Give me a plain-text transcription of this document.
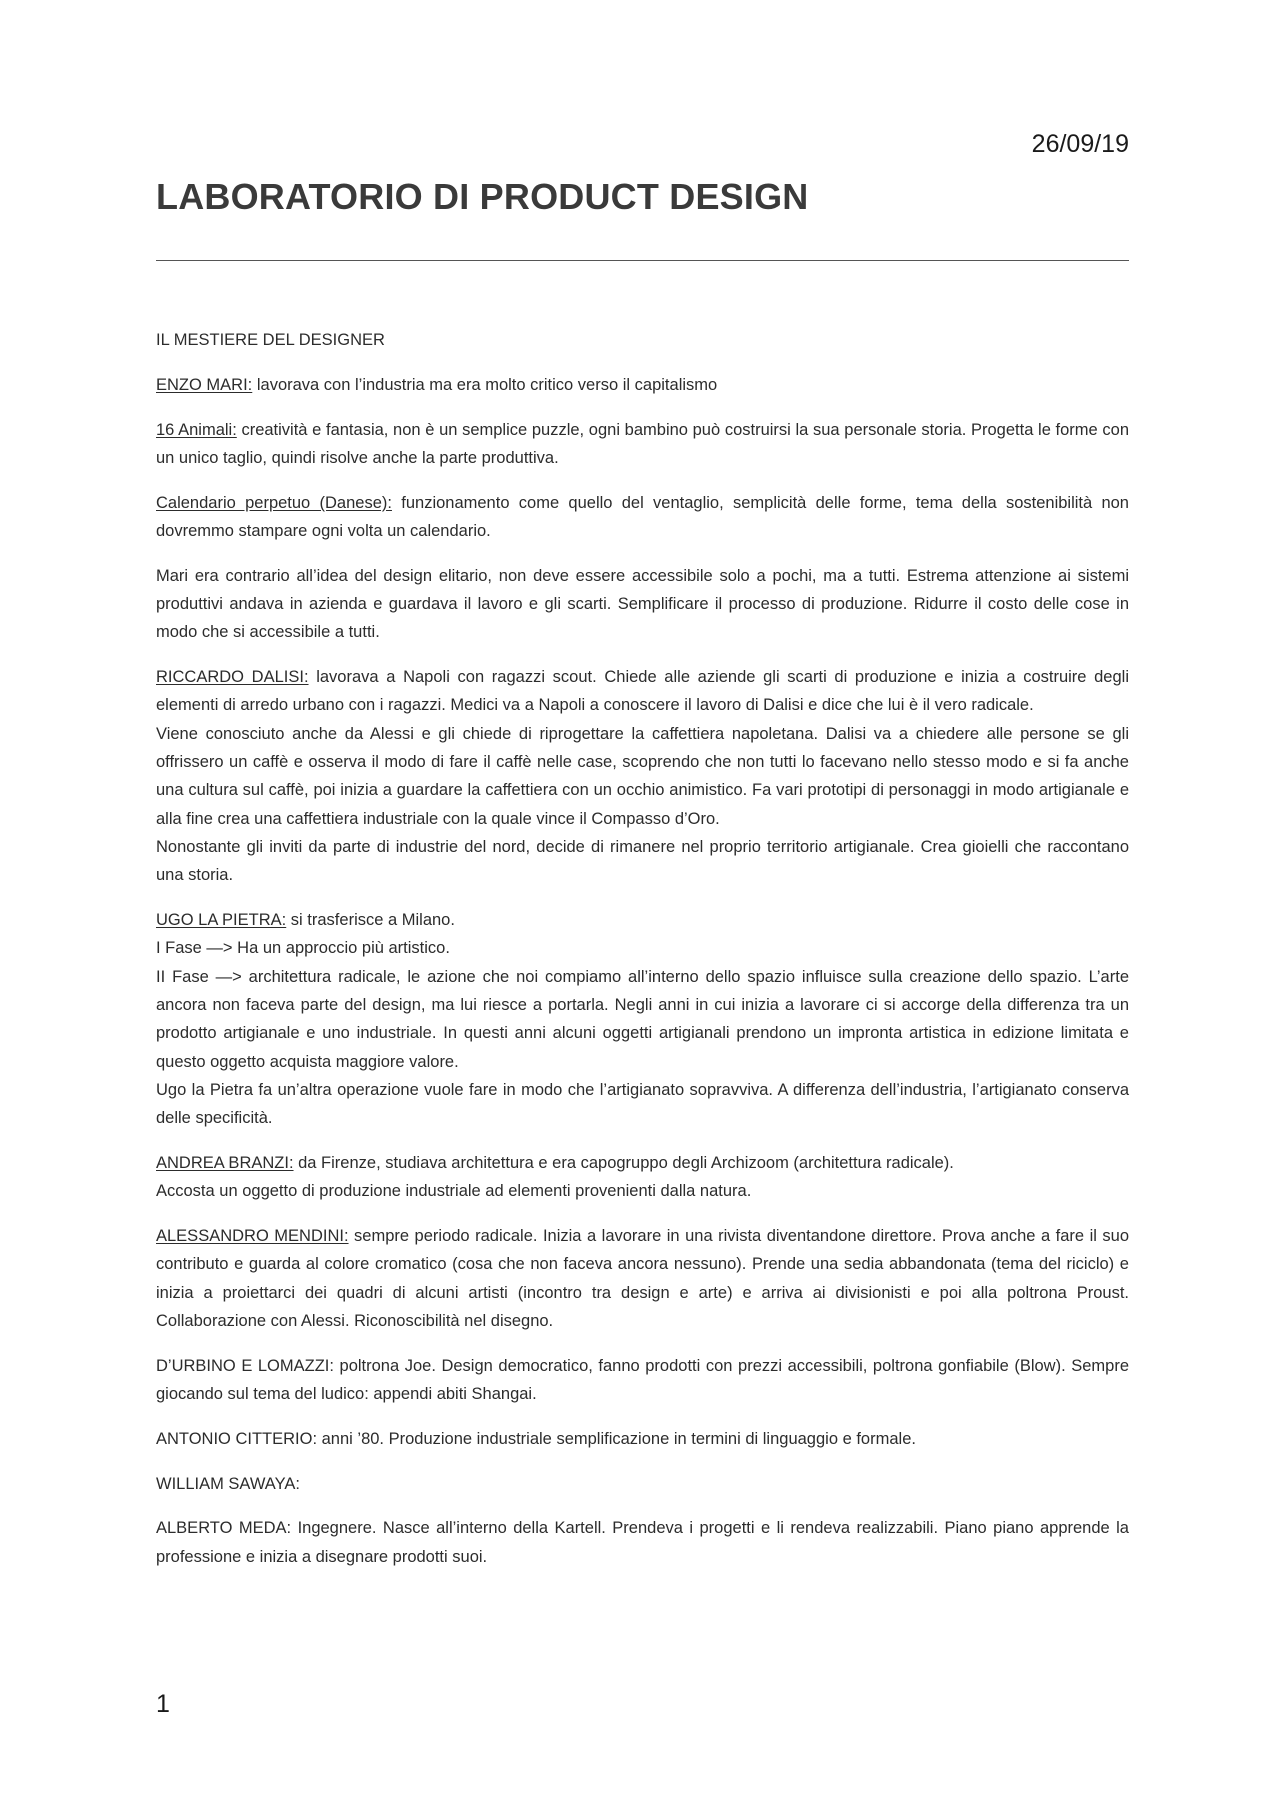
26/09/19
LABORATORIO DI PRODUCT DESIGN

IL MESTIERE DEL DESIGNER

ENZO MARI: lavorava con l’industria ma era molto critico verso il capitalismo

16 Animali: creatività e fantasia, non è un semplice puzzle, ogni bambino può costruirsi la sua personale storia. Progetta le forme con un unico taglio, quindi risolve anche la parte produttiva.

Calendario perpetuo (Danese): funzionamento come quello del ventaglio, semplicità delle forme, tema della sostenibilità non dovremmo stampare ogni volta un calendario.

Mari era contrario all’idea del design elitario, non deve essere accessibile solo a pochi, ma a tutti. Estrema attenzione ai sistemi produttivi andava in azienda e guardava il lavoro e gli scarti. Semplificare il processo di produzione. Ridurre il costo delle cose in modo che si accessibile a tutti.

RICCARDO DALISI: lavorava a Napoli con ragazzi scout. Chiede alle aziende gli scarti di produzione e inizia a costruire degli elementi di arredo urbano con i ragazzi. Medici va a Napoli a conoscere il lavoro di Dalisi e dice che lui è il vero radicale.

Viene conosciuto anche da Alessi e gli chiede di riprogettare la caffettiera napoletana. Dalisi va a chiedere alle persone se gli offrissero un caffè e osserva il modo di fare il caffè nelle case, scoprendo che non tutti lo facevano nello stesso modo e si fa anche una cultura sul caffè, poi inizia a guardare la caffettiera con un occhio animistico. Fa vari prototipi di personaggi in modo artigianale e alla fine crea una caffettiera industriale con la quale vince il Compasso d’Oro.

Nonostante gli inviti da parte di industrie del nord, decide di rimanere nel proprio territorio artigianale. Crea gioielli che raccontano una storia.

UGO LA PIETRA: si trasferisce a Milano.

I Fase —> Ha un approccio più artistico.

II Fase —> architettura radicale, le azione che noi compiamo all’interno dello spazio influisce sulla creazione dello spazio. L’arte ancora non faceva parte del design, ma lui riesce a portarla. Negli anni in cui inizia a lavorare ci si accorge della differenza tra un prodotto artigianale e uno industriale. In questi anni alcuni oggetti artigianali prendono un impronta artistica in edizione limitata e questo oggetto acquista maggiore valore.

Ugo la Pietra fa un’altra operazione vuole fare in modo che l’artigianato sopravviva. A differenza dell’industria, l’artigianato conserva delle specificità.

ANDREA BRANZI: da Firenze, studiava architettura e era capogruppo degli Archizoom (architettura radicale).

Accosta un oggetto di produzione industriale ad elementi provenienti dalla natura.

ALESSANDRO MENDINI: sempre periodo radicale. Inizia a lavorare in una rivista diventandone direttore. Prova anche a fare il suo contributo e guarda al colore cromatico (cosa che non faceva ancora nessuno). Prende una sedia abbandonata (tema del riciclo) e inizia a proiettarci dei quadri di alcuni artisti (incontro tra design e arte) e arriva ai divisionisti e poi alla poltrona Proust. Collaborazione con Alessi. Riconoscibilità nel disegno.

D’URBINO E LOMAZZI: poltrona Joe. Design democratico, fanno prodotti con prezzi accessibili, poltrona gonfiabile (Blow). Sempre giocando sul tema del ludico: appendi abiti Shangai.

ANTONIO CITTERIO: anni ’80. Produzione industriale semplificazione in termini di linguaggio e formale.

WILLIAM SAWAYA:

ALBERTO MEDA: Ingegnere. Nasce all’interno della Kartell. Prendeva i progetti e li rendeva realizzabili. Piano piano apprende la professione e inizia a disegnare prodotti suoi.

1
